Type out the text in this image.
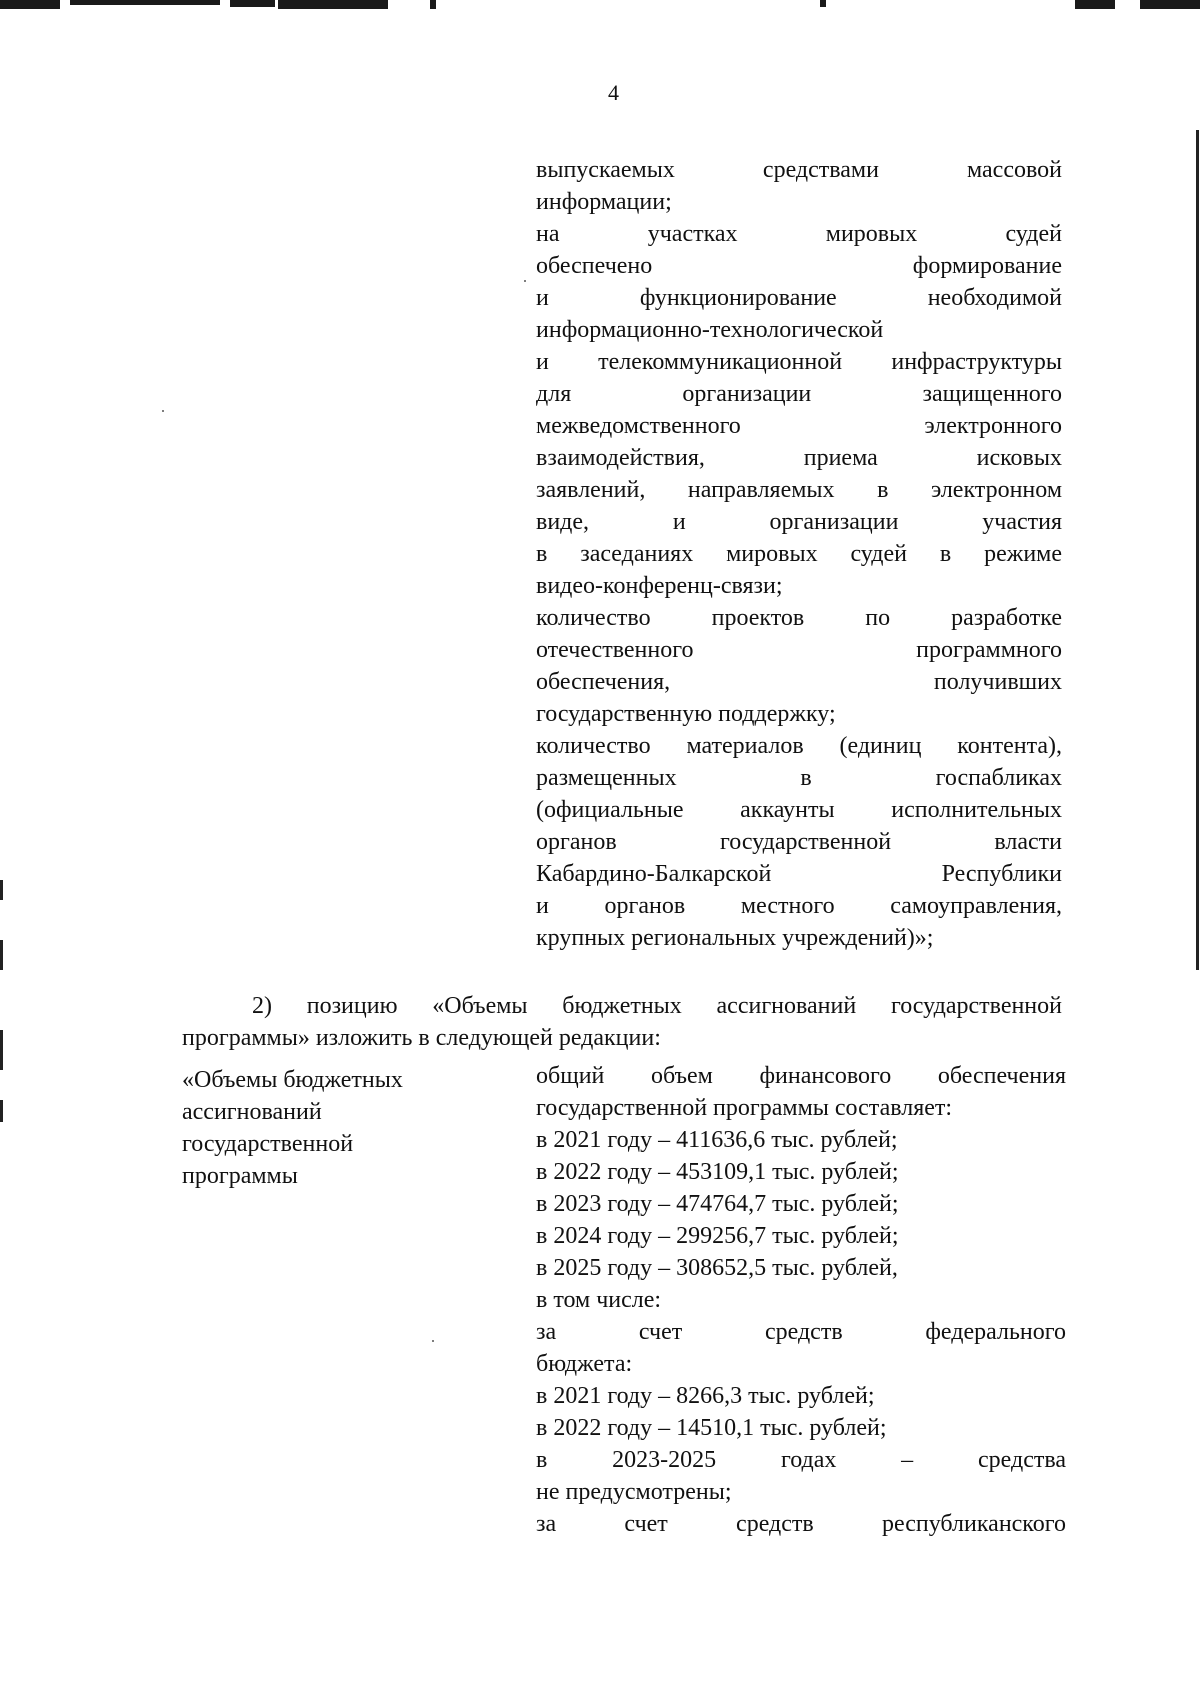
4
выпускаемых средствами массовой
информации;
на участках мировых судей
обеспечено формирование
и функционирование необходимой
информационно-технологической
и телекоммуникационной инфраструктуры
для организации защищенного
межведомственного электронного
взаимодействия, приема исковых
заявлений, направляемых в электронном
виде, и организации участия
в заседаниях мировых судей в режиме
видео-конференц-связи;
количество проектов по разработке
отечественного программного
обеспечения, получивших
государственную поддержку;
количество материалов (единиц контента),
размещенных в госпабликах
(официальные аккаунты исполнительных
органов государственной власти
Кабардино-Балкарской Республики
и органов местного самоуправления,
крупных региональных учреждений)»;
2) позицию «Объемы бюджетных ассигнований государственной
программы» изложить в следующей редакции:
«Объемы бюджетных
ассигнований
государственной
программы
общий объем финансового обеспечения
государственной программы составляет:
в 2021 году – 411636,6 тыс. рублей;
в 2022 году – 453109,1 тыс. рублей;
в 2023 году – 474764,7 тыс. рублей;
в 2024 году – 299256,7 тыс. рублей;
в 2025 году – 308652,5 тыс. рублей,
в том числе:
за счет средств федерального
бюджета:
в 2021 году – 8266,3 тыс. рублей;
в 2022 году – 14510,1 тыс. рублей;
в 2023-2025 годах – средства
не предусмотрены;
за счет средств республиканского
